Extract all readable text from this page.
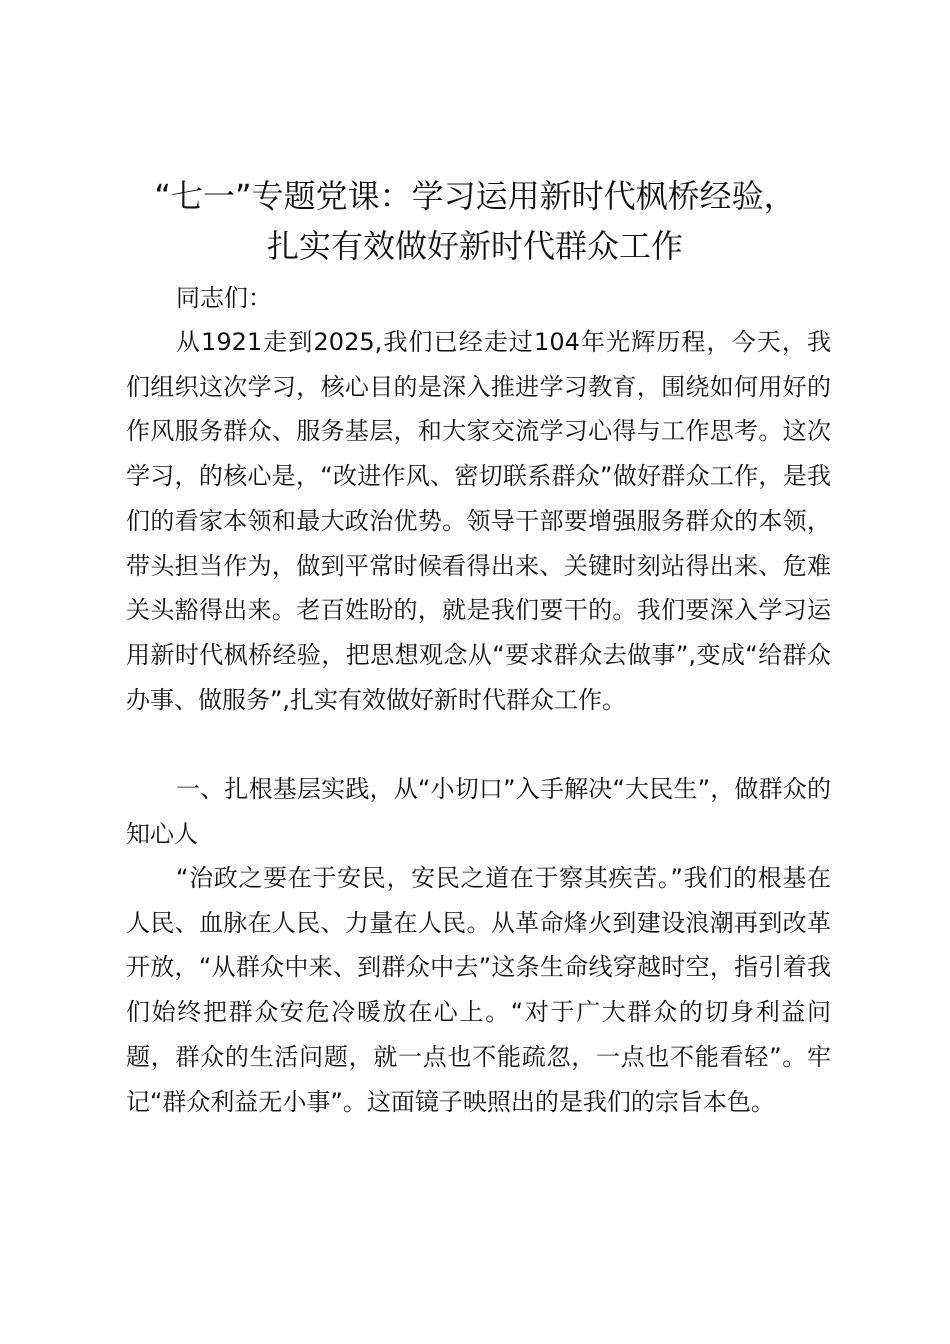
“七一”专题党课：学习运用新时代枫桥经验，
扎实有效做好新时代群众工作

同志们：

从1921走到2025,我们已经走过104年光辉历程，今天，我们组织这次学习，核心目的是深入推进学习教育，围绕如何用好的作风服务群众、服务基层，和大家交流学习心得与工作思考。这次学习，的核心是，“改进作风、密切联系群众”做好群众工作，是我们的看家本领和最大政治优势。领导干部要增强服务群众的本领，带头担当作为，做到平常时候看得出来、关键时刻站得出来、危难关头豁得出来。老百姓盼的，就是我们要干的。我们要深入学习运用新时代枫桥经验，把思想观念从“要求群众去做事”,变成“给群众办事、做服务”,扎实有效做好新时代群众工作。

一、扎根基层实践，从“小切口”入手解决“大民生”，做群众的知心人

“治政之要在于安民，安民之道在于察其疾苦。”我们的根基在人民、血脉在人民、力量在人民。从革命烽火到建设浪潮再到改革开放，“从群众中来、到群众中去”这条生命线穿越时空，指引着我们始终把群众安危冷暖放在心上。“对于广大群众的切身利益问题，群众的生活问题，就一点也不能疏忽，一点也不能看轻”。牢记“群众利益无小事”。这面镜子映照出的是我们的宗旨本色。
